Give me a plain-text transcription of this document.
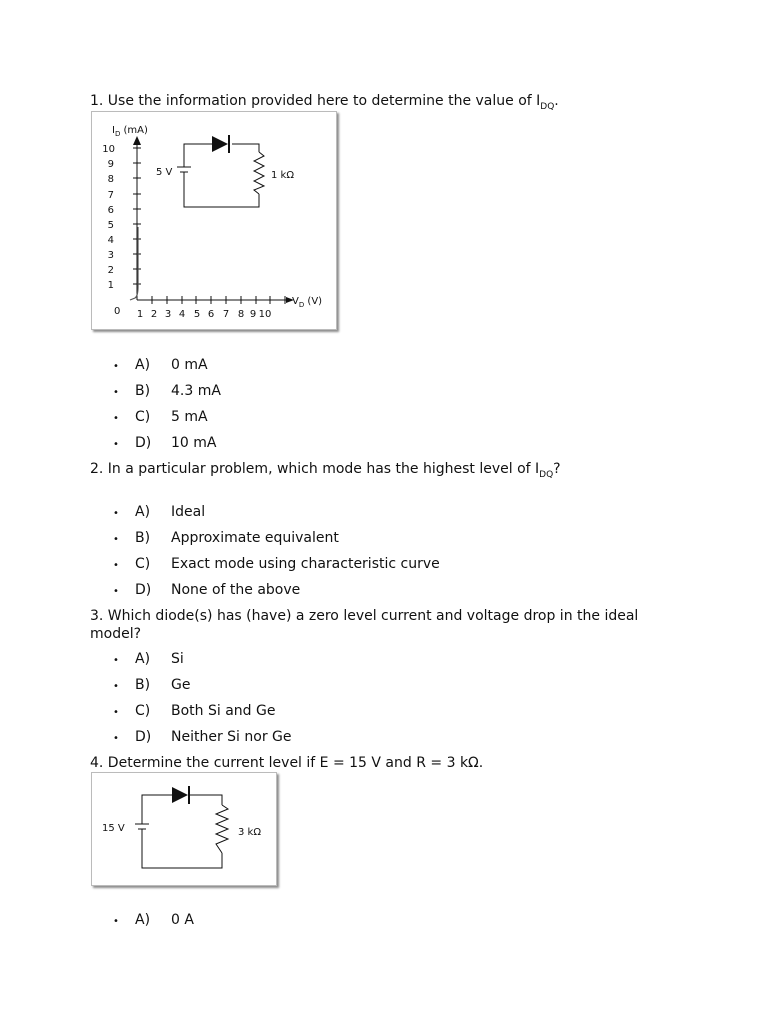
1. Use the information provided here to determine the value of $I_{DQ}$.

$I_D$ (mA)
$V_D$ (V)
0
10
9
8
7
6
5
4
3
2
1
1 2 3 4 5 6 7 8 9 10
5 V	1 kΩ
• A) 0 mA
• B) 4.3 mA
• C) 5 mA
• D) 10 mA

2. In a particular problem, which mode has the highest level of $I_{DQ}$?

• A) Ideal
• B) Approximate equivalent
• C) Exact mode using characteristic curve
• D) None of the above

3. Which diode(s) has (have) a zero level current and voltage drop in the ideal model?

• A) Si
• B) Ge
• C) Both Si and Ge
• D) Neither Si nor Ge

4. Determine the current level if E = 15 V and R = 3 kΩ.

15 V	3 kΩ
• A) 0 A
